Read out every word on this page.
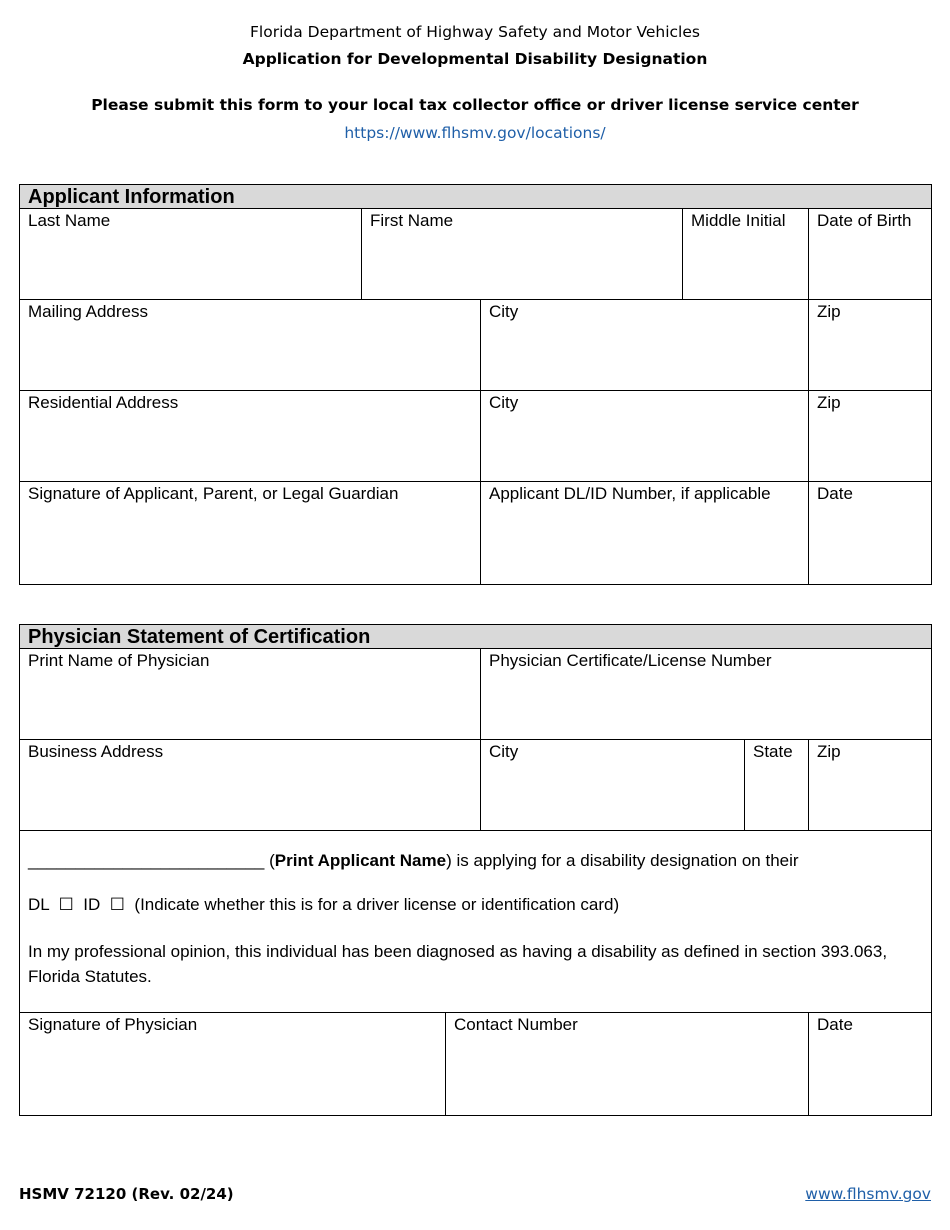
Florida Department of Highway Safety and Motor Vehicles
Application for Developmental Disability Designation
Please submit this form to your local tax collector office or driver license service center
https://www.flhsmv.gov/locations/
Applicant Information				
Last Name	First Name		Middle Initial	Date of Birth
Mailing Address		City		Zip
Residential Address		City		Zip
Signature of Applicant, Parent, or Legal Guardian		Applicant DL/ID Number, if applicable		Date
Physician Statement of Certification				
Print Name of Physician		Physician Certificate/License Number		
Business Address		City	State	Zip

_________________________ (Print Applicant Name) is applying for a disability designation on their

DL ☐ ID ☐ (Indicate whether this is for a driver license or identification card)

In my professional opinion, this individual has been diagnosed as having a disability as defined in section 393.063, Florida Statutes.				

Signature of Physician	Contact Number			Date
HSMV 72120 (Rev. 02/24)	www.flhsmv.gov
